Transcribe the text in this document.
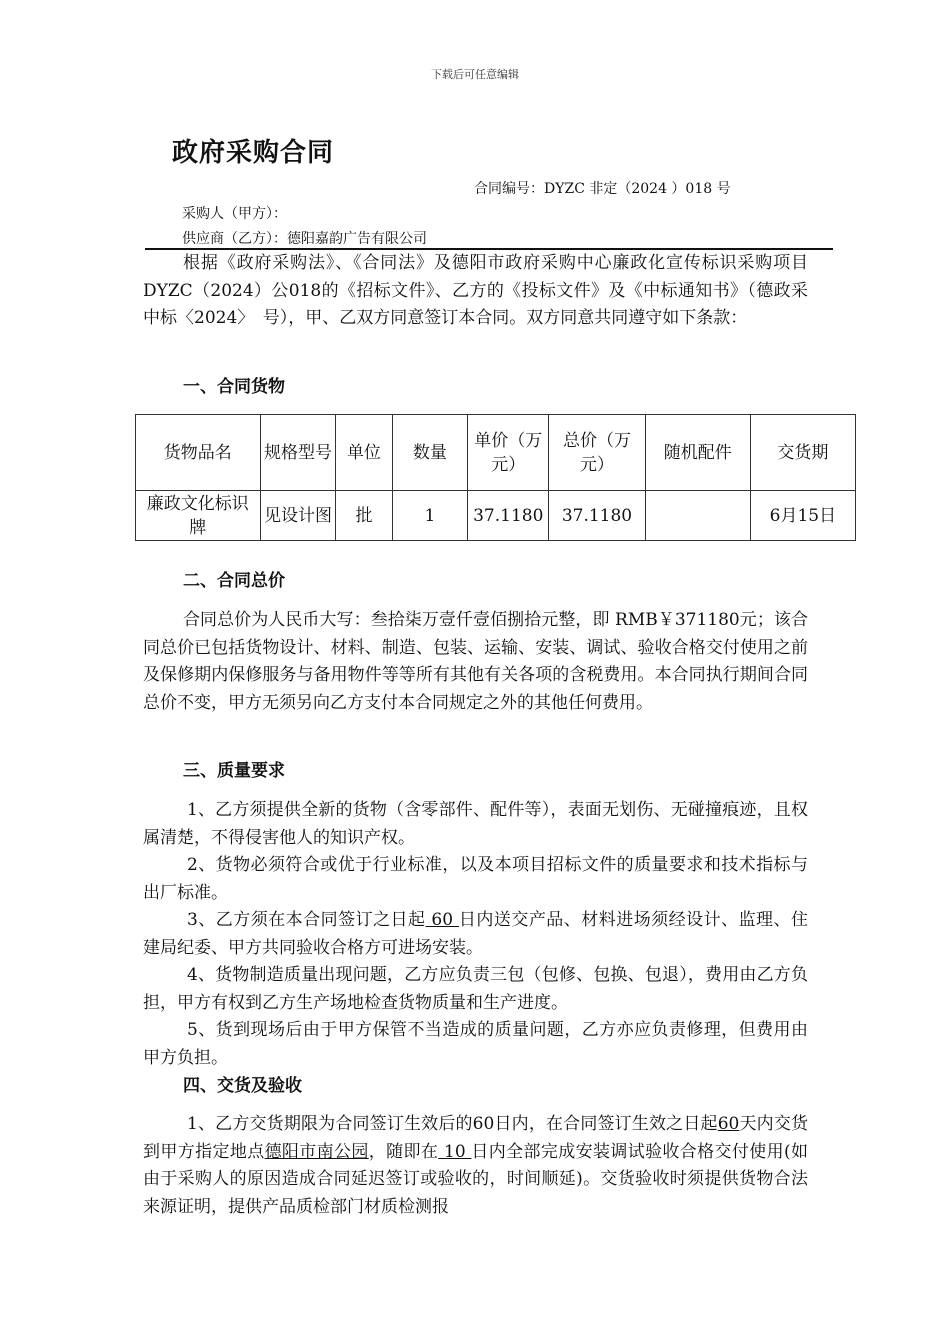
下载后可任意编辑
政府采购合同
合同编号：DYZC 非定（2024 ）018 号
采购人（甲方）：
供应商（乙方）：德阳嘉韵广告有限公司
根据《政府采购法》、《合同法》及德阳市政府采购中心廉政化宣传标识采购项目DYZC（2024）公018的《招标文件》、乙方的《投标文件》及《中标通知书》（德政采中标〈2024〉　号），甲、乙双方同意签订本合同。双方同意共同遵守如下条款：
一、合同货物
货物品名	规格型号	单位	数量	单价（万元）	总价（万元）	随机配件	交货期
廉政文化标识牌	见设计图	批	1	37.1180	37.1180		6月15日
二、合同总价
合同总价为人民币大写：叁拾柒万壹仟壹佰捌拾元整，即 RMB￥371180元；该合同总价已包括货物设计、材料、制造、包装、运输、安装、调试、验收合格交付使用之前及保修期内保修服务与备用物件等等所有其他有关各项的含税费用。本合同执行期间合同总价不变，甲方无须另向乙方支付本合同规定之外的其他任何费用。
三、质量要求

1、乙方须提供全新的货物（含零部件、配件等），表面无划伤、无碰撞痕迹，且权属清楚，不得侵害他人的知识产权。

2、货物必须符合或优于行业标准，以及本项目招标文件的质量要求和技术指标与出厂标准。

3、乙方须在本合同签订之日起 60 日内送交产品、材料进场须经设计、监理、住建局纪委、甲方共同验收合格方可进场安装。

4、货物制造质量出现问题，乙方应负责三包（包修、包换、包退），费用由乙方负担，甲方有权到乙方生产场地检查货物质量和生产进度。

5、货到现场后由于甲方保管不当造成的质量问题，乙方亦应负责修理，但费用由甲方负担。

四、交货及验收

1、乙方交货期限为合同签订生效后的60日内，在合同签订生效之日起60天内交货到甲方指定地点德阳市南公园，随即在 10 日内全部完成安装调试验收合格交付使用(如由于采购人的原因造成合同延迟签订或验收的，时间顺延)。交货验收时须提供货物合法来源证明，提供产品质检部门材质检测报
